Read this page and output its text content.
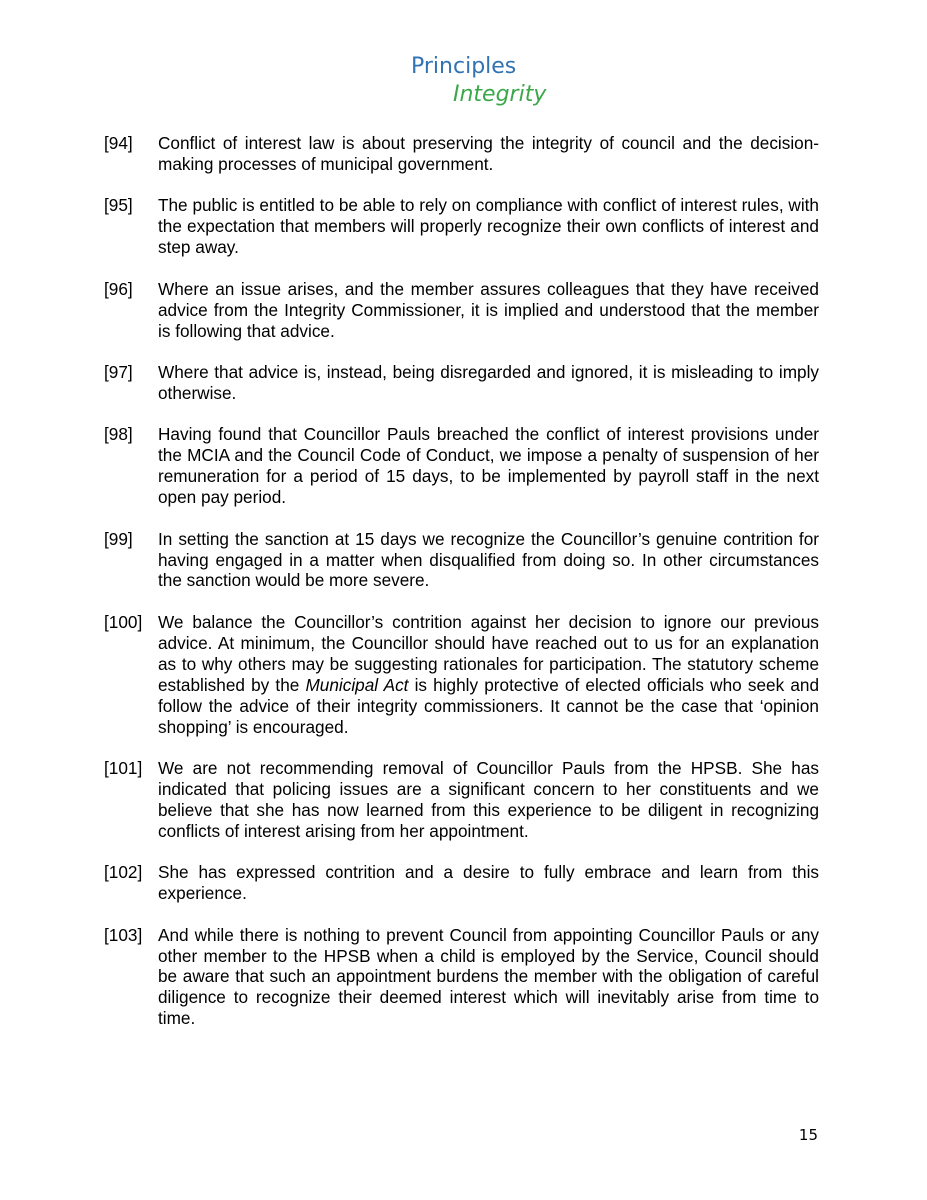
Principles
Integrity
[94]	Conflict of interest law is about preserving the integrity of council and the decision-making processes of municipal government.
[95]	The public is entitled to be able to rely on compliance with conflict of interest rules, with the expectation that members will properly recognize their own conflicts of interest and step away.
[96]	Where an issue arises, and the member assures colleagues that they have received advice from the Integrity Commissioner, it is implied and understood that the member is following that advice.
[97]	Where that advice is, instead, being disregarded and ignored, it is misleading to imply otherwise.
[98]	Having found that Councillor Pauls breached the conflict of interest provisions under the MCIA and the Council Code of Conduct, we impose a penalty of suspension of her remuneration for a period of 15 days, to be implemented by payroll staff in the next open pay period.
[99]	In setting the sanction at 15 days we recognize the Councillor’s genuine contrition for having engaged in a matter when disqualified from doing so. In other circumstances the sanction would be more severe.
[100] We balance the Councillor’s contrition against her decision to ignore our previous advice. At minimum, the Councillor should have reached out to us for an explanation as to why others may be suggesting rationales for participation. The statutory scheme established by the Municipal Act is highly protective of elected officials who seek and follow the advice of their integrity commissioners. It cannot be the case that ‘opinion shopping’ is encouraged.
[101] We are not recommending removal of Councillor Pauls from the HPSB. She has indicated that policing issues are a significant concern to her constituents and we believe that she has now learned from this experience to be diligent in recognizing conflicts of interest arising from her appointment.
[102] She has expressed contrition and a desire to fully embrace and learn from this experience.
[103] And while there is nothing to prevent Council from appointing Councillor Pauls or any other member to the HPSB when a child is employed by the Service, Council should be aware that such an appointment burdens the member with the obligation of careful diligence to recognize their deemed interest which will inevitably arise from time to time.
15
